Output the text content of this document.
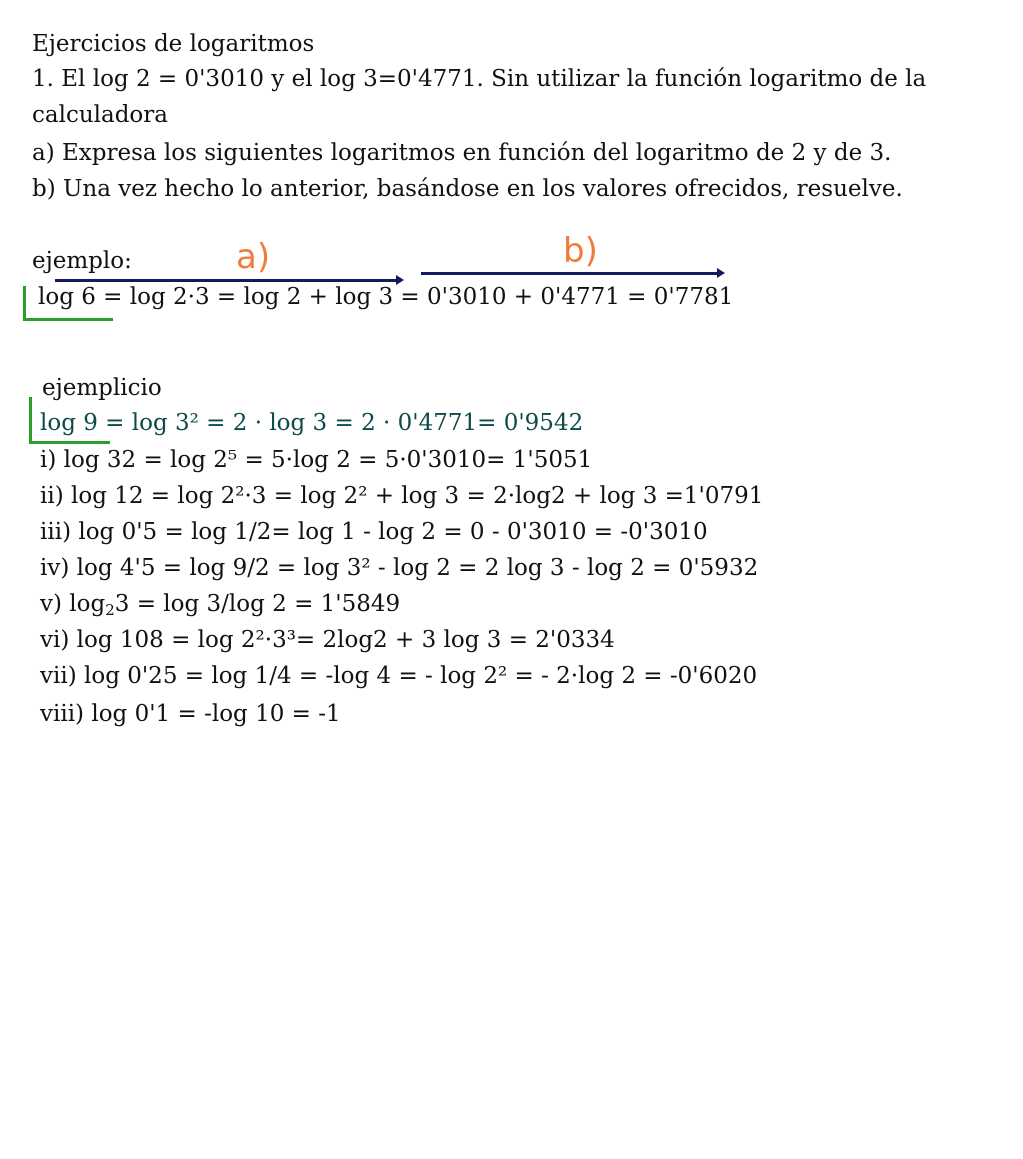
Ejercicios de logaritmos
1. El log 2 = 0'3010 y el log 3=0'4771. Sin utilizar la función logaritmo de la
calculadora
a) Expresa los siguientes logaritmos en función del logaritmo de 2 y de 3.
b) Una vez hecho lo anterior, basándose en los valores ofrecidos, resuelve.
ejemplo:	a)	b)
log 6 = log 2·3 = log 2 + log 3 = 0'3010 + 0'4771 = 0'7781
ejemplicio
log 9 = log 3² = 2 · log 3 = 2 · 0'4771= 0'9542
i) log 32 = log 2⁵ = 5·log 2 = 5·0'3010= 1'5051
ii) log 12 = log 2²·3 = log 2² + log 3 = 2·log2 + log 3 =1'0791
iii) log 0'5 = log 1/2= log 1 - log 2 = 0 - 0'3010 = -0'3010
iv) log 4'5 = log 9/2 = log 3² - log 2 = 2 log 3 - log 2 = 0'5932
v) $\log_23 = \log 3/\log$ 2 = 1'5849
vi) log 108 = log 2²·3³= 2log2 + 3 log 3 = 2'0334
vii) log 0'25 = log 1/4 = -log 4 = - log 2² = - 2·log 2 = -0'6020
viii) log 0'1 = -log 10 = -1
